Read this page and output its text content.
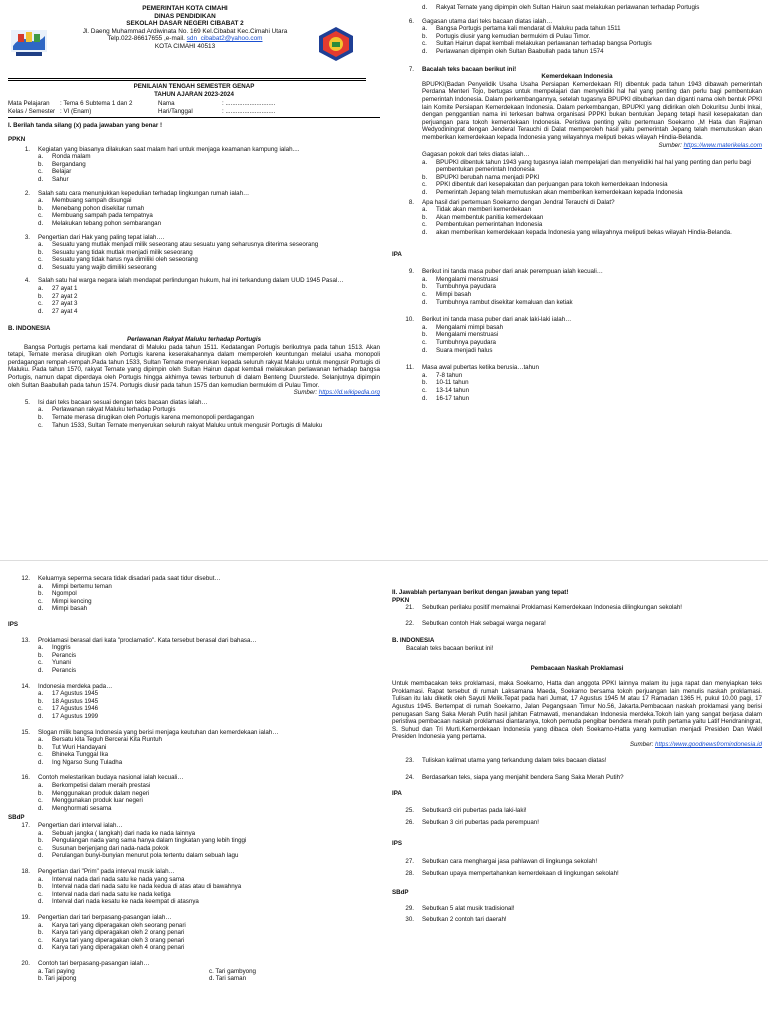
PEMERINTAH KOTA CIMAHI
DINAS PENDIDIKAN
SEKOLAH DASAR NEGERI CIBABAT 2
Jl. Daeng Muhammad Ardiwinata No. 169 Kel.Cibabat Kec.Cimahi Utara
Telp.022-86617655 ,e-mail. sdn_cibabat2@yahoo.com
KOTA CIMAHI 40513
PENILAIAN TENGAH SEMESTER GENAP
TAHUN AJARAN 2023-2024
Mata Pelajaran	: Tema 6 Subtema 1 dan 2	Nama	: .............................
Kelas / Semester : VI (Enam)	Hari/Tanggal	: .............................
I. Berilah tanda silang (x) pada jawaban yang benar !
PPKN
1.	Kegiatan yang biasanya dilakukan saat malam hari untuk menjaga keamanan kampung ialah....
a.	Ronda malam
b.	Bergandang
c.	Belajar
d.	Sahur
2.	Salah satu cara menunjukkan kepedulian terhadap lingkungan rumah ialah…
a.	Membuang sampah disungai
b.	Menebang pohon disekitar rumah
c.	Membuang sampah pada tempatnya
d.	Melakukan tebang pohon sembarangan
3.	Pengertian dari Hak yang paling tepat ialah….
a.	Sesuatu yang mutlak menjadi milik seseorang atau sesuatu yang seharusnya diterima seseorang
b.	Sesuatu yang tidak mutlak menjadi milik seseorang
c.	Sesuatu yang tidak harus nya dimiliki oleh seseorang
d.	Sesuatu yang wajib dimiliki seseorang
4.	Salah satu hal warga negara ialah mendapat perlindungan hukum, hal ini terkandung dalam UUD 1945 Pasal…
a.	27 ayat 1
b.	27 ayat 2
c.	27 ayat 3
d.	27 ayat 4
B. INDONESIA
Perlawanan Rakyat Maluku terhadap Portugis
Bangsa Portugis pertama kali mendarat di Maluku pada tahun 1511. Kedatangan Portugis berikutnya pada tahun 1513. Akan tetapi, Ternate merasa dirugikan oleh Portugis karena keserakahannya dalam memperoleh keuntungan melalui usaha monopoli perdagangan rempah-rempah.Pada tahun 1533, Sultan Ternate menyerukan kepada seluruh rakyat Maluku untuk mengusir Portugis di Maluku. Pada tahun 1570, rakyat Ternate yang dipimpin oleh Sultan Hairun dapat kembali melakukan perlawanan terhadap bangsa Portugis, namun dapat diperdaya oleh Portugis hingga akhirnya tewas terbunuh di dalam Benteng Duurstede. Selanjutnya dipimpin oleh Sultan Baabullah pada tahun 1574. Portugis diusir pada tahun 1575 dan kemudian bermukim di Pulau Timor.
Sumber: https://id.wikipedia.org
5.	Isi dari teks bacaan sesuai dengan teks bacaan diatas ialah…
a.	Perlawanan rakyat Maluku terhadap Portugis
b.	Ternate merasa dirugikan oleh Portugis karena memonopoli perdagangan
c.	Tahun 1533, Sultan Ternate menyerukan seluruh rakyat Maluku untuk mengusir Portugis di Maluku
d.	Rakyat Ternate yang dipimpin oleh Sultan Hairun saat melakukan perlawanan terhadap Portugis
6.	Gagasan utama dari teks bacaan diatas ialah…
a.	Bangsa Portugis pertama kali mendarat di Maluku pada tahun 1511
b.	Portugis diusir yang kemudian bermukim di Pulau Timor.
c.	Sultan Hairun dapat kembali melakukan perlawanan terhadap bangsa Portugis
d.	Perlawanan dipimpin oleh Sultan Baabullah pada tahun 1574
7.	Bacalah teks bacaan berikut ini!
Kemerdekaan Indonesia
BPUPKI(Badan Penyelidik Usaha Usaha Persiapan Kemerdekaan RI) dibentuk pada tahun 1943 dibawah pemerintah Perdana Menteri Tojo, bertugas untuk mempelajari dan menyelidiki hal hal yang penting dan perlu bagi pembentukan pemerintah Indonesia. Dalam perkembangannya, setelah tugasnya BPUPKI dibubarkan dan diganti nama oleh bentuk PPKI lain Komite Persiapan Kemerdekaan Indonesia. Dalam perkembangan, BPUPKI yang didirikan oleh Dokuritsu Junbi Inkai, dengan penggantian nama ini terkesan bahwa organisasi PPPKI bukan bentukan Jepang tetapi hasil kesepakatan dan perjuangan para tokoh kemerdekaan Indonesia. Peristiwa penting yaitu pertemuan Soekarno ,M Hata dan Rajiman Wedyodiningrat dengan Jenderal Terauchi di Dalat memperoleh hasil yaitu pemerintah Jepang telah memutuskan akan memberikan kemerdekaan kepada Indonesia yang wilayahnya meliputi bekas wilayah Hindia-Belanda.
Sumber: https://www.materikelas.com
Gagasan pokok dari teks diatas ialah…
a.	BPUPKI dibentuk tahun 1943 yang tugasnya ialah mempelajari dan menyelidiki hal hal yang penting dan perlu bagi pembentukan pemerintah Indonesia
b.	BPUPKI berubah nama menjadi PPKI
c.	PPKI dibentuk dari kesepakatan dan perjuangan para tokoh kemerdekaan Indonesia
d.	Pemerintah Jepang telah memutuskan akan memberikan kemerdekaan kepada Indonesia
8.	Apa hasil dari pertemuan Soekarno dengan Jendral Terauchi di Dalat?
a.	Tidak akan memberi kemerdekaan
b.	Akan membentuk panitia kemerdekaan
c.	Pembentukan pemerintahan Indonesia
d.	akan memberikan kemerdekaan kepada Indonesia yang wilayahnya meliputi bekas wilayah Hindia-Belanda.
IPA
9.	Berikut ini tanda masa puber dari anak perempuan ialah kecuali…
a.	Mengalami menstruasi
b.	Tumbuhnya payudara
c.	Mimpi basah
d.	Tumbuhnya rambut disekitar kemaluan dan ketiak
10.	Berikut ini tanda masa puber dari anak laki-laki ialah…
a.	Mengalami mimpi basah
b.	Mengalami menstruasi
c.	Tumbuhnya payudara
d.	Suara menjadi halus
11.	Masa awal pubertas ketika berusia…tahun
a.	7-8 tahun
b.	10-11 tahun
c.	13-14 tahun
d.	16-17 tahun
12.	Keluarnya seperma secara tidak disadari pada saat tidur disebut…
a.	Mimpi bertemu teman
b.	Ngompol
c.	Mimpi kencing
d.	Mimpi basah
IPS
13.	Proklamasi berasal dari kata "proclamatio". Kata tersebut berasal dari bahasa…
a.	Inggris
b.	Perancis
c.	Yunani
d.	Perancis
14.	Indonesia merdeka pada…
a.	17 Agustus 1945
b.	18 Agustus 1945
c.	17 Agustus 1946
d.	17 Agustus 1999
15.	Slogan milik bangsa Indonesia yang berisi menjaga keutuhan dan kemerdekaan ialah…
a.	Bersatu kita Teguh Bercerai Kita Runtuh
b.	Tut Wuri Handayani
c.	Bhineka Tunggal Ika
d.	Ing Ngarso Sung Tuladha
16.	Contoh melestarikan budaya nasional ialah kecuali…
a.	Berkompetisi dalam meraih prestasi
b.	Menggunakan produk dalam negeri
c.	Menggunakan produk luar negeri
d.	Menghormati sesama
SBdP
17.	Pengertian dari interval ialah…
a.	Sebuah jangka ( langkah) dari nada ke nada lainnya
b.	Pengulangan nada yang sama hanya dalam tingkatan yang lebih tinggi
c.	Susunan berjenjang dari nada-nada pokok
d.	Perulangan bunyi-bunyian menurut pola tertentu dalam sebuah lagu
18.	Pengertian dari "Prim" pada interval musik ialah…
a.	Interval nada dari nada satu ke nada yang sama
b.	Interval nada dari nada satu ke nada kedua di atas atau di bawahnya
c.	Interval nada dari nada satu ke nada ketiga
d.	Interval dari nada kesatu ke nada keempat di atasnya
19.	Pengertian dari tari berpasang-pasangan ialah…
a.	Karya tari yang diperagakan oleh seorang penari
b.	Karya tari yang diperagakan oleh 2 orang penari
c.	Karya tari yang diperagakan oleh 3 orang penari
d.	Karya tari yang diperagakan oleh 4 orang penari
20.	Contoh tari berpasang-pasangan ialah…
a. Tari paying	c. Tari gambyong
b. Tari jaipong	d. Tari saman
II. Jawablah pertanyaan berikut dengan jawaban yang tepat!
PPKN
21.	Sebutkan perilaku positif memaknai Proklamasi Kemerdekaan Indonesia dilingkungan sekolah!
22.	Sebutkan contoh Hak sebagai warga negara!
B. INDONESIA
Bacalah teks bacaan berikut ini!
Pembacaan Naskah Proklamasi
Untuk membacakan teks proklamasi, maka Soekarno, Hatta dan anggota PPKI lainnya malam itu juga rapat dan menyiapkan teks Proklamasi. Rapat tersebut di rumah Laksamana Maeda, Soekarno bersama tokoh perjuangan lain menulis naskah proklamasi. Tulisan itu lalu diketik oleh Sayuti Melik.Tepat pada hari Jumat, 17 Agustus 1945 M atau 17 Ramadan 1365 H, pukul 10.00 pagi, 17 Agustus 1945. Bertempat di rumah Soekarno, Jalan Pegangsaan Timur No.56, Jakarta.Pembacaan naskah proklamasi yang berisi penugasan Sang Saka Merah Putih hasil jahitan Fatmawati, menandakan Indonesia merdeka.Tokoh lain yang sangat berjasa dalam peristiwa pembacaan naskah proklamasi diantaranya, tokoh pemuda pengibar bendera merah putih pertama yaitu Latif Hendraningrat, S. Suhud dan Tri Murti.Kemerdekaan Indonesia yang dibaca oleh Soekarno-Hatta yang kemudian menjadi Presiden Dan Wakil Presiden Indonesia yang pertama.
Sumber: https://www.goodnewsfromindonesia.id
23.	Tuliskan kalimat utama yang terkandung dalam teks bacaan diatas!
24.	Berdasarkan teks, siapa yang menjahit bendera Sang Saka Merah Putih?
IPA
25.	Sebutkan3 ciri pubertas pada laki-laki!
26.	Sebutkan 3 ciri pubertas pada perempuan!
IPS
27.	Sebutkan cara menghargai jasa pahlawan di lingkunga sekolah!
28.	Sebutkan upaya mempertahankan kemerdekaan di lingkungan sekolah!
SBdP
29.	Sebutkan 5 alat musik tradisional!
30.	Sebutkan 2 contoh tari daerah!
